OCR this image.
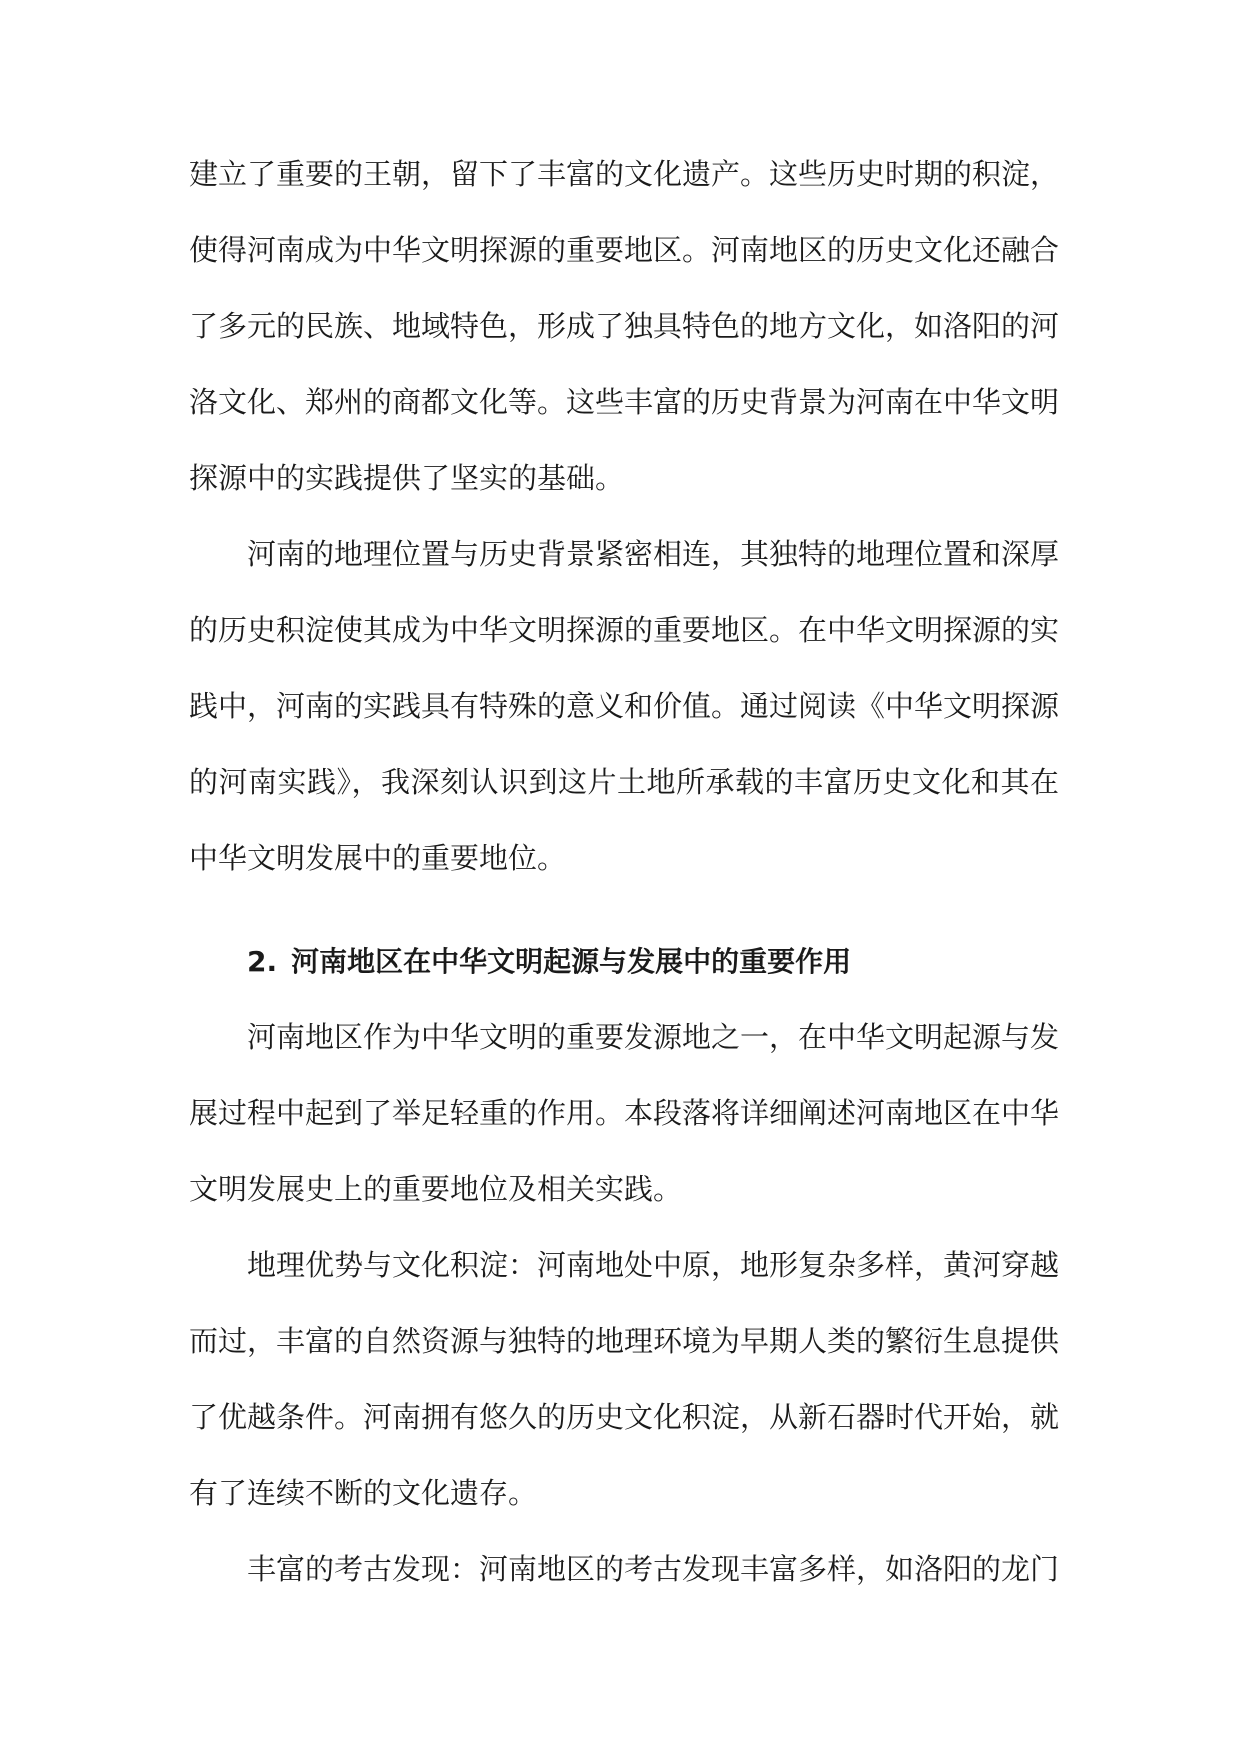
建立了重要的王朝，留下了丰富的文化遗产。这些历史时期的积淀，使得河南成为中华文明探源的重要地区。河南地区的历史文化还融合了多元的民族、地域特色，形成了独具特色的地方文化，如洛阳的河洛文化、郑州的商都文化等。这些丰富的历史背景为河南在中华文明探源中的实践提供了坚实的基础。

河南的地理位置与历史背景紧密相连，其独特的地理位置和深厚的历史积淀使其成为中华文明探源的重要地区。在中华文明探源的实践中，河南的实践具有特殊的意义和价值。通过阅读《中华文明探源的河南实践》，我深刻认识到这片土地所承载的丰富历史文化和其在中华文明发展中的重要地位。

2. 河南地区在中华文明起源与发展中的重要作用

河南地区作为中华文明的重要发源地之一，在中华文明起源与发展过程中起到了举足轻重的作用。本段落将详细阐述河南地区在中华文明发展史上的重要地位及相关实践。

地理优势与文化积淀：河南地处中原，地形复杂多样，黄河穿越而过，丰富的自然资源与独特的地理环境为早期人类的繁衍生息提供了优越条件。河南拥有悠久的历史文化积淀，从新石器时代开始，就有了连续不断的文化遗存。

丰富的考古发现：河南地区的考古发现丰富多样，如洛阳的龙门
